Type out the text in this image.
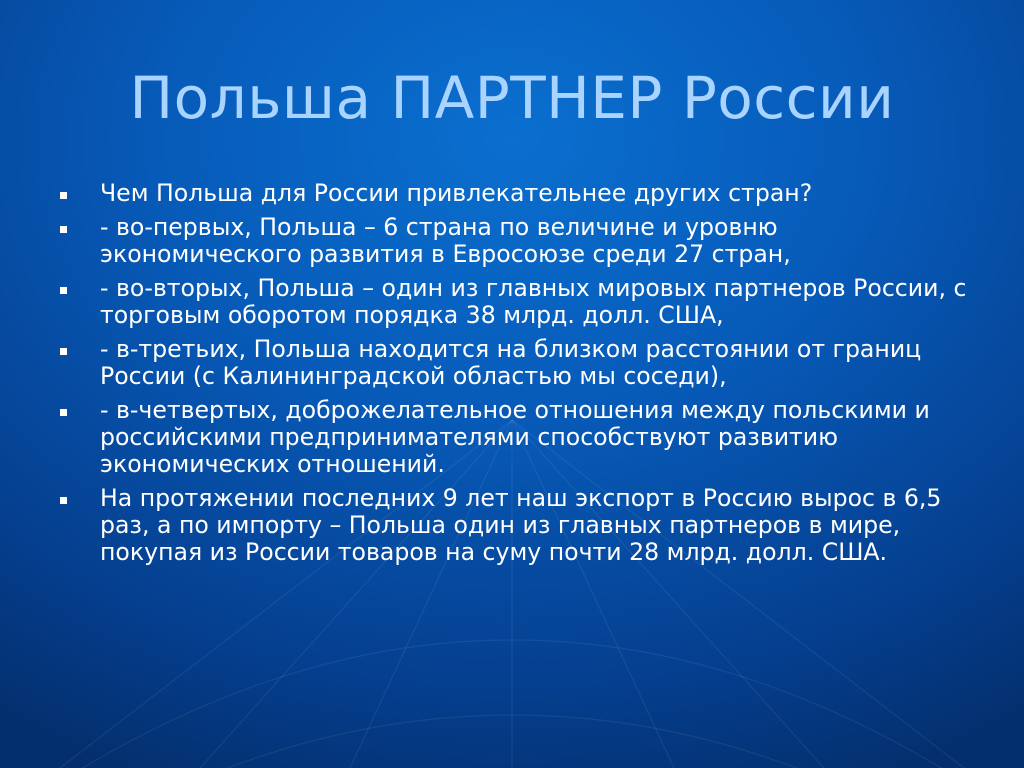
Польша ПАРТНЕР России
Чем Польша для России привлекательнее других стран?
- во-первых, Польша – 6 страна по величине и уровню экономического развития в Евросоюзе среди 27 стран,
- во-вторых, Польша – один из главных мировых партнеров России, с торговым оборотом порядка 38 млрд. долл. США,
- в-третьих, Польша находится на близком расстоянии от границ России (с Калининградской областью мы соседи),
- в-четвертых, доброжелательное отношения между польскими и российскими предпринимателями способствуют развитию экономических отношений.
На протяжении последних 9 лет наш экспорт в Россию вырос в 6,5 раз, а по импорту – Польша один из главных партнеров в мире, покупая из России товаров на суму почти 28 млрд. долл. США.
